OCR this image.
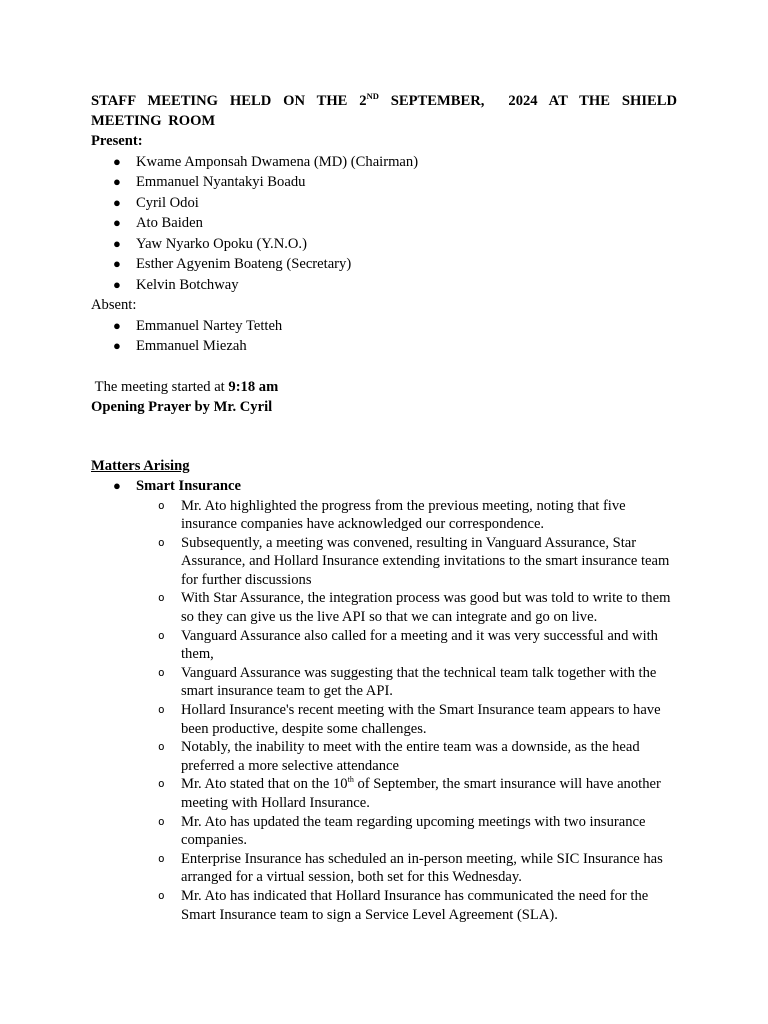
STAFF MEETING HELD ON THE 2ND SEPTEMBER, 2024 AT THE SHIELD MEETING ROOM
Present:
● Kwame Amponsah Dwamena (MD) (Chairman)
● Emmanuel Nyantakyi Boadu
● Cyril Odoi
● Ato Baiden
● Yaw Nyarko Opoku (Y.N.O.)
● Esther Agyenim Boateng (Secretary)
● Kelvin Botchway
Absent:
● Emmanuel Nartey Tetteh
● Emmanuel Miezah
The meeting started at 9:18 am
Opening Prayer by Mr. Cyril
Matters Arising
● Smart Insurance
o Mr. Ato highlighted the progress from the previous meeting, noting that five insurance companies have acknowledged our correspondence.
o Subsequently, a meeting was convened, resulting in Vanguard Assurance, Star Assurance, and Hollard Insurance extending invitations to the smart insurance team for further discussions
o With Star Assurance, the integration process was good but was told to write to them so they can give us the live API so that we can integrate and go on live.
o Vanguard Assurance also called for a meeting and it was very successful and with them,
o Vanguard Assurance was suggesting that the technical team talk together with the smart insurance team to get the API.
o Hollard Insurance's recent meeting with the Smart Insurance team appears to have been productive, despite some challenges.
o Notably, the inability to meet with the entire team was a downside, as the head preferred a more selective attendance
o Mr. Ato stated that on the 10th of September, the smart insurance will have another meeting with Hollard Insurance.
o Mr. Ato has updated the team regarding upcoming meetings with two insurance companies.
o Enterprise Insurance has scheduled an in-person meeting, while SIC Insurance has arranged for a virtual session, both set for this Wednesday.
o Mr. Ato has indicated that Hollard Insurance has communicated the need for the Smart Insurance team to sign a Service Level Agreement (SLA).
